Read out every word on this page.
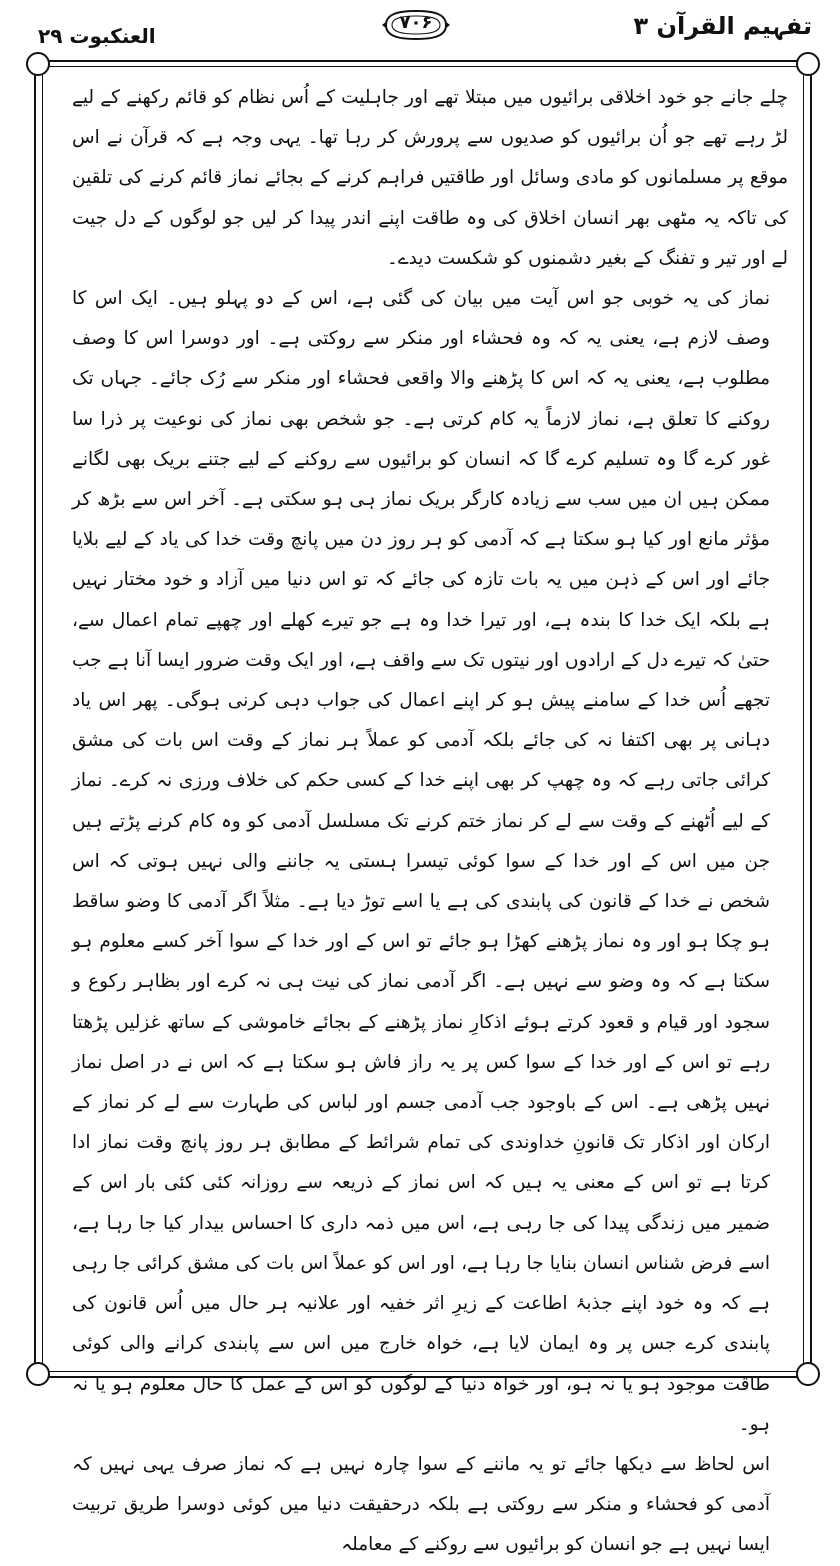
العنکبوت ۲۹
۷۰۶	تفہیم القرآن ۳

چلے جانے جو خود اخلاقی برائیوں میں مبتلا تھے اور جاہلیت کے اُس نظام کو قائم رکھنے کے لیے لڑ رہے تھے جو اُن برائیوں کو صدیوں سے پرورش کر رہا تھا۔ یہی وجہ ہے کہ قرآن نے اس موقع پر مسلمانوں کو مادی وسائل اور طاقتیں فراہم کرنے کے بجائے نماز قائم کرنے کی تلقین کی تاکہ یہ مٹھی بھر انسان اخلاق کی وہ طاقت اپنے اندر پیدا کر لیں جو لوگوں کے دل جیت لے اور تیر و تفنگ کے بغیر دشمنوں کو شکست دیدے۔

نماز کی یہ خوبی جو اس آیت میں بیان کی گئی ہے، اس کے دو پہلو ہیں۔ ایک اس کا وصف لازم ہے، یعنی یہ کہ وہ فحشاء اور منکر سے روکتی ہے۔ اور دوسرا اس کا وصف مطلوب ہے، یعنی یہ کہ اس کا پڑھنے والا واقعی فحشاء اور منکر سے رُک جائے۔ جہاں تک روکنے کا تعلق ہے، نماز لازماً یہ کام کرتی ہے۔ جو شخص بھی نماز کی نوعیت پر ذرا سا غور کرے گا وہ تسلیم کرے گا کہ انسان کو برائیوں سے روکنے کے لیے جتنے بریک بھی لگانے ممکن ہیں ان میں سب سے زیادہ کارگر بریک نماز ہی ہو سکتی ہے۔ آخر اس سے بڑھ کر مؤثر مانع اور کیا ہو سکتا ہے کہ آدمی کو ہر روز دن میں پانچ وقت خدا کی یاد کے لیے بلایا جائے اور اس کے ذہن میں یہ بات تازہ کی جائے کہ تو اس دنیا میں آزاد و خود مختار نہیں ہے بلکہ ایک خدا کا بندہ ہے، اور تیرا خدا وہ ہے جو تیرے کھلے اور چھپے تمام اعمال سے، حتیٰ کہ تیرے دل کے ارادوں اور نیتوں تک سے واقف ہے، اور ایک وقت ضرور ایسا آنا ہے جب تجھے اُس خدا کے سامنے پیش ہو کر اپنے اعمال کی جواب دہی کرنی ہوگی۔ پھر اس یاد دہانی پر بھی اکتفا نہ کی جائے بلکہ آدمی کو عملاً ہر نماز کے وقت اس بات کی مشق کرائی جاتی رہے کہ وہ چھپ کر بھی اپنے خدا کے کسی حکم کی خلاف ورزی نہ کرے۔ نماز کے لیے اُٹھنے کے وقت سے لے کر نماز ختم کرنے تک مسلسل آدمی کو وہ کام کرنے پڑتے ہیں جن میں اس کے اور خدا کے سوا کوئی تیسرا ہستی یہ جاننے والی نہیں ہوتی کہ اس شخص نے خدا کے قانون کی پابندی کی ہے یا اسے توڑ دیا ہے۔ مثلاً اگر آدمی کا وضو ساقط ہو چکا ہو اور وہ نماز پڑھنے کھڑا ہو جائے تو اس کے اور خدا کے سوا آخر کسے معلوم ہو سکتا ہے کہ وہ وضو سے نہیں ہے۔ اگر آدمی نماز کی نیت ہی نہ کرے اور بظاہر رکوع و سجود اور قیام و قعود کرتے ہوئے اذکارِ نماز پڑھنے کے بجائے خاموشی کے ساتھ غزلیں پڑھتا رہے تو اس کے اور خدا کے سوا کس پر یہ راز فاش ہو سکتا ہے کہ اس نے در اصل نماز نہیں پڑھی ہے۔ اس کے باوجود جب آدمی جسم اور لباس کی طہارت سے لے کر نماز کے ارکان اور اذکار تک قانونِ خداوندی کی تمام شرائط کے مطابق ہر روز پانچ وقت نماز ادا کرتا ہے تو اس کے معنی یہ ہیں کہ اس نماز کے ذریعہ سے روزانہ کئی کئی بار اس کے ضمیر میں زندگی پیدا کی جا رہی ہے، اس میں ذمہ داری کا احساس بیدار کیا جا رہا ہے، اسے فرض شناس انسان بنایا جا رہا ہے، اور اس کو عملاً اس بات کی مشق کرائی جا رہی ہے کہ وہ خود اپنے جذبۂ اطاعت کے زیرِ اثر خفیہ اور علانیہ ہر حال میں اُس قانون کی پابندی کرے جس پر وہ ایمان لایا ہے، خواہ خارج میں اس سے پابندی کرانے والی کوئی طاقت موجود ہو یا نہ ہو، اور خواہ دنیا کے لوگوں کو اس کے عمل کا حال معلوم ہو یا نہ ہو۔

اس لحاظ سے دیکھا جائے تو یہ ماننے کے سوا چارہ نہیں ہے کہ نماز صرف یہی نہیں کہ آدمی کو فحشاء و منکر سے روکتی ہے بلکہ درحقیقت دنیا میں کوئی دوسرا طریق تربیت ایسا نہیں ہے جو انسان کو برائیوں سے روکنے کے معاملہ
